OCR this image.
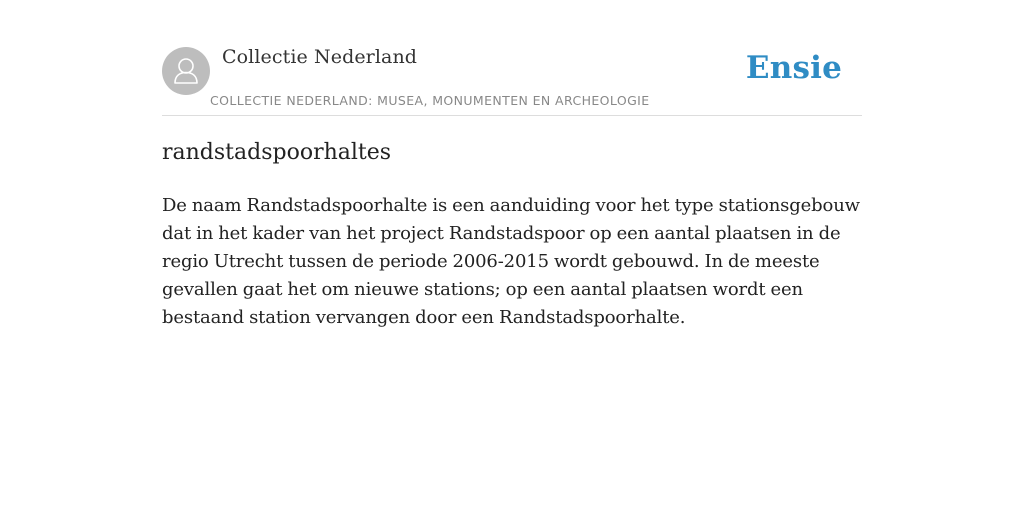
Collectie Nederland
COLLECTIE NEDERLAND: MUSEA, MONUMENTEN EN ARCHEOLOGIE
Ensie
randstadspoorhaltes

De naam Randstadspoorhalte is een aanduiding voor het type stationsgebouw dat in het kader van het project Randstadspoor op een aantal plaatsen in de regio Utrecht tussen de periode 2006-2015 wordt gebouwd. In de meeste gevallen gaat het om nieuwe stations; op een aantal plaatsen wordt een bestaand station vervangen door een Randstadspoorhalte.
